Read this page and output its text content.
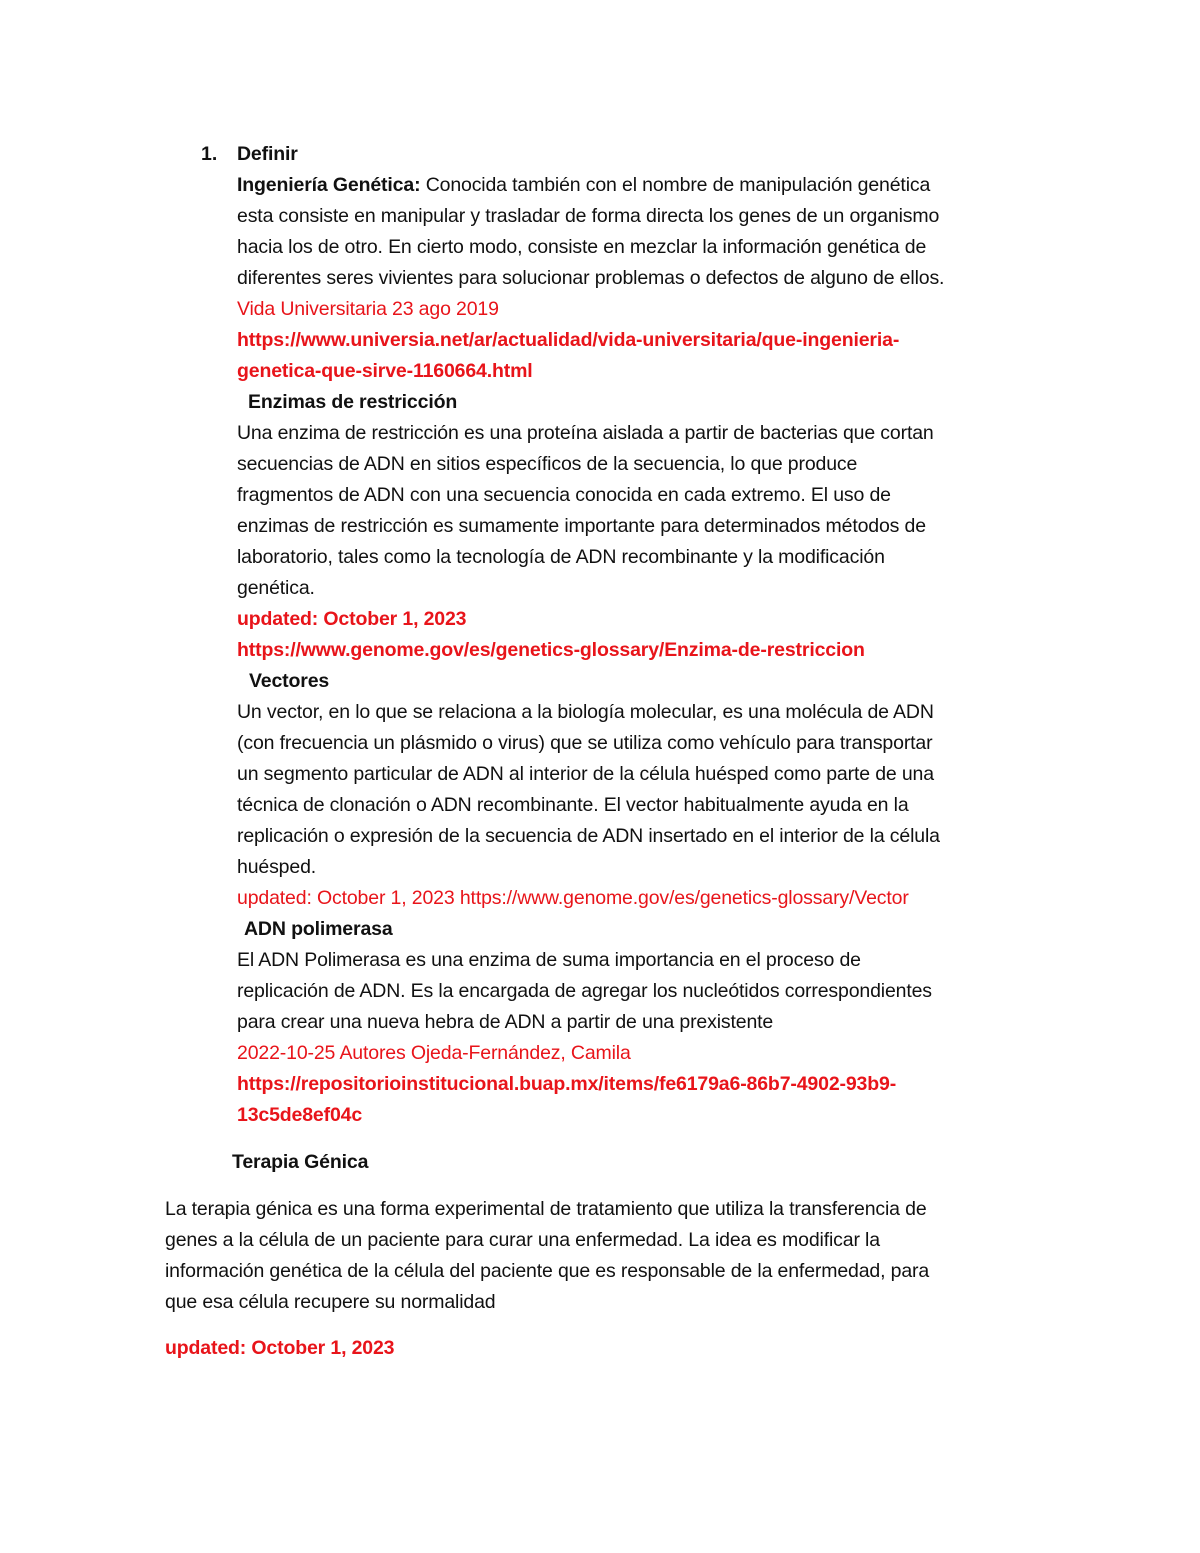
1. Definir
Ingeniería Genética: Conocida también con el nombre de manipulación genética
esta consiste en manipular y trasladar de forma directa los genes de un organismo
hacia los de otro. En cierto modo, consiste en mezclar la información genética de
diferentes seres vivientes para solucionar problemas o defectos de alguno de ellos.
Vida Universitaria 23 ago 2019
https://www.universia.net/ar/actualidad/vida-universitaria/que-ingenieria-
genetica-que-sirve-1160664.html
Enzimas de restricción
Una enzima de restricción es una proteína aislada a partir de bacterias que cortan
secuencias de ADN en sitios específicos de la secuencia, lo que produce
fragmentos de ADN con una secuencia conocida en cada extremo. El uso de
enzimas de restricción es sumamente importante para determinados métodos de
laboratorio, tales como la tecnología de ADN recombinante y la modificación
genética.
updated: October 1, 2023
https://www.genome.gov/es/genetics-glossary/Enzima-de-restriccion
Vectores
Un vector, en lo que se relaciona a la biología molecular, es una molécula de ADN
(con frecuencia un plásmido o virus) que se utiliza como vehículo para transportar
un segmento particular de ADN al interior de la célula huésped como parte de una
técnica de clonación o ADN recombinante. El vector habitualmente ayuda en la
replicación o expresión de la secuencia de ADN insertado en el interior de la célula
huésped.
updated: October 1, 2023 https://www.genome.gov/es/genetics-glossary/Vector
ADN polimerasa
El ADN Polimerasa es una enzima de suma importancia en el proceso de
replicación de ADN. Es la encargada de agregar los nucleótidos correspondientes
para crear una nueva hebra de ADN a partir de una prexistente
2022-10-25 Autores Ojeda-Fernández, Camila
https://repositorioinstitucional.buap.mx/items/fe6179a6-86b7-4902-93b9-
13c5de8ef04c
Terapia Génica
La terapia génica es una forma experimental de tratamiento que utiliza la transferencia de
genes a la célula de un paciente para curar una enfermedad. La idea es modificar la
información genética de la célula del paciente que es responsable de la enfermedad, para
que esa célula recupere su normalidad
updated: October 1, 2023
